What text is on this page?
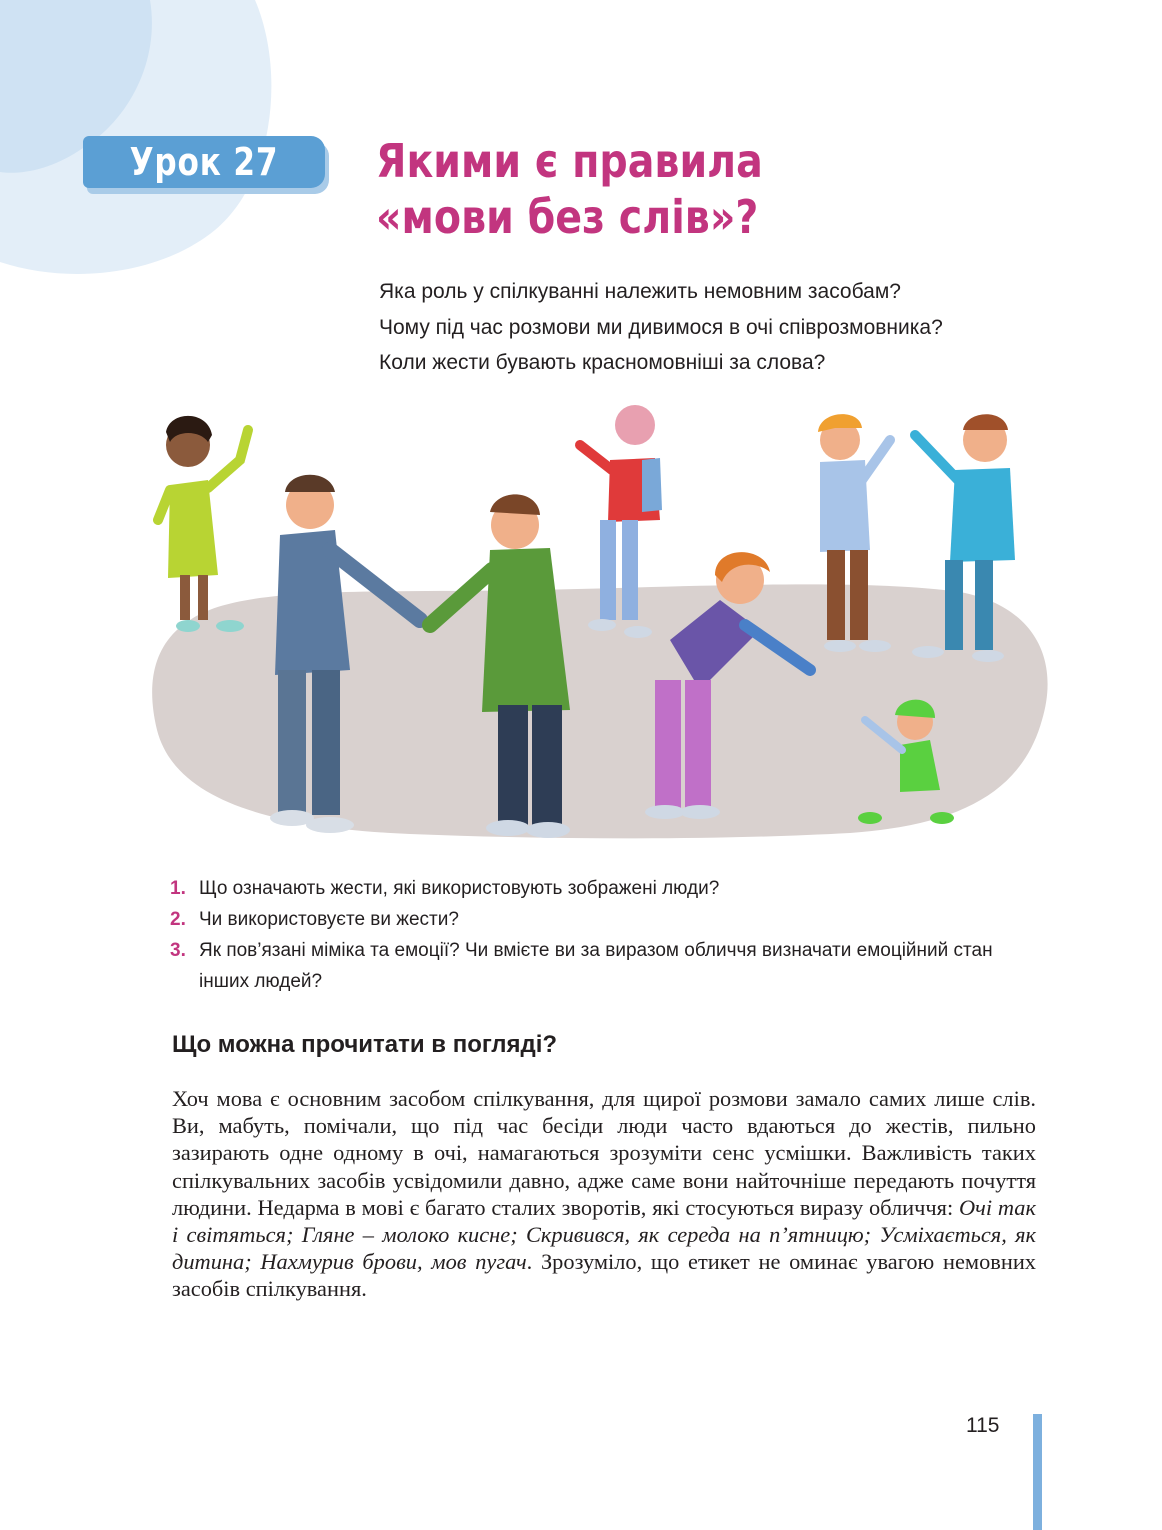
Урок 27	Якими є правила
«мови без слів»?

Яка роль у спілкуванні належить немовним засобам?

Чому під час розмови ми дивимося в очі співрозмовника?

Коли жести бувають красномовніші за слова?

1. Що означають жести, які використовують зображені люди?
2. Чи використовуєте ви жести?
3. Як пов’язані міміка та емоції? Чи вмієте ви за виразом обличчя визначати емоційний стан інших людей?
Що можна прочитати в погляді?

Хоч мова є основним засобом спілкування, для щирої розмови замало самих лише слів. Ви, мабуть, помічали, що під час бесіди люди часто вдаються до жестів, пильно зазирають одне одному в очі, намагаються зрозуміти сенс усмішки. Важливість таких спілкувальних засобів усвідомили давно, адже саме вони найточніше передають почуття людини. Недарма в мові є багато сталих зворотів, які стосуються виразу обличчя: Очі так і світяться; Гляне – молоко кисне; Скривився, як середа на п’ятницю; Усміхається, як дитина; Нахмурив брови, мов пугач. Зрозуміло, що етикет не оминає увагою немовних засобів спілкування.

115
